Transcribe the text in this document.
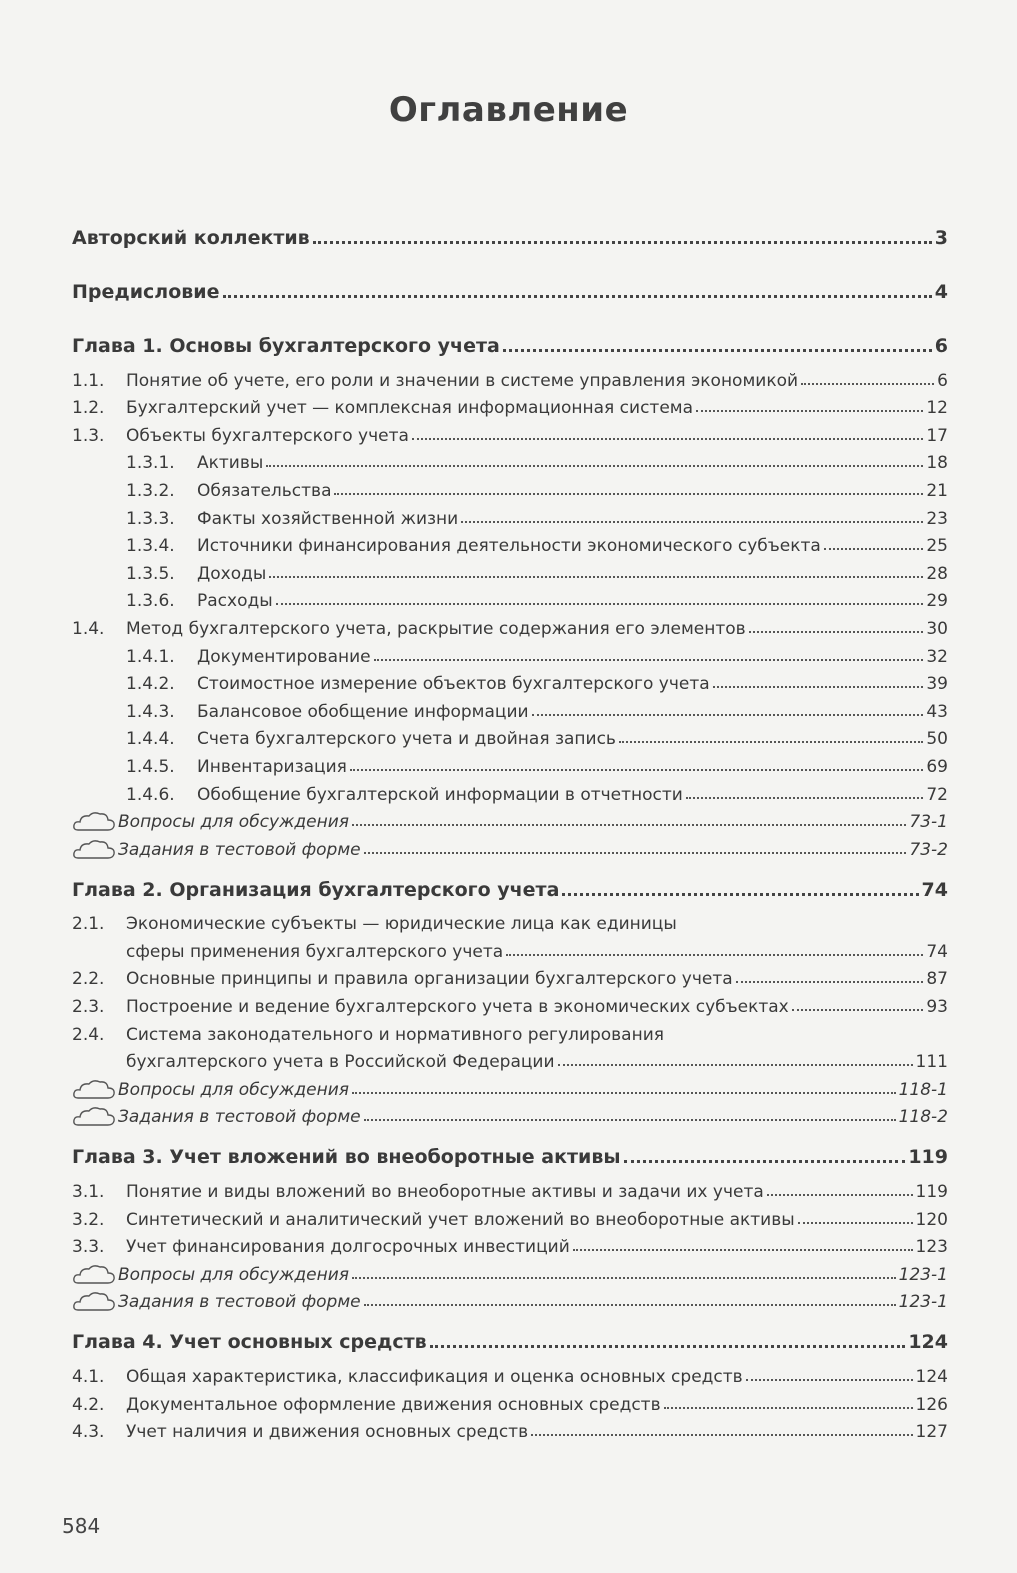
Оглавление
Авторский коллектив	3
Предисловие	4
Глава 1. Основы бухгалтерского учета	6
1.1.	Понятие об учете, его роли и значении в системе управления экономикой	6
1.2.	Бухгалтерский учет — комплексная информационная система	12
1.3.	Объекты бухгалтерского учета	17
1.3.1.	Активы	18
1.3.2.	Обязательства	21
1.3.3.	Факты хозяйственной жизни	23
1.3.4.	Источники финансирования деятельности экономического субъекта	25
1.3.5.	Доходы	28
1.3.6.	Расходы	29
1.4.	Метод бухгалтерского учета, раскрытие содержания его элементов	30
1.4.1.	Документирование	32
1.4.2.	Стоимостное измерение объектов бухгалтерского учета	39
1.4.3.	Балансовое обобщение информации	43
1.4.4.	Счета бухгалтерского учета и двойная запись	50
1.4.5.	Инвентаризация	69
1.4.6.	Обобщение бухгалтерской информации в отчетности	72
Вопросы для обсуждения	73-1
Задания в тестовой форме	73-2
Глава 2. Организация бухгалтерского учета	74
2.1.	Экономические субъекты — юридические лица как единицы
сферы применения бухгалтерского учета	74
2.2.	Основные принципы и правила организации бухгалтерского учета	87
2.3.	Построение и ведение бухгалтерского учета в экономических субъектах	93
2.4.	Система законодательного и нормативного регулирования
бухгалтерского учета в Российской Федерации	111
Вопросы для обсуждения	118-1
Задания в тестовой форме	118-2
Глава 3. Учет вложений во внеоборотные активы	119
3.1.	Понятие и виды вложений во внеоборотные активы и задачи их учета	119
3.2.	Синтетический и аналитический учет вложений во внеоборотные активы	120
3.3.	Учет финансирования долгосрочных инвестиций	123
Вопросы для обсуждения	123-1
Задания в тестовой форме	123-1
Глава 4. Учет основных средств	124
4.1.	Общая характеристика, классификация и оценка основных средств	124
4.2.	Документальное оформление движения основных средств	126
4.3.	Учет наличия и движения основных средств	127
584
